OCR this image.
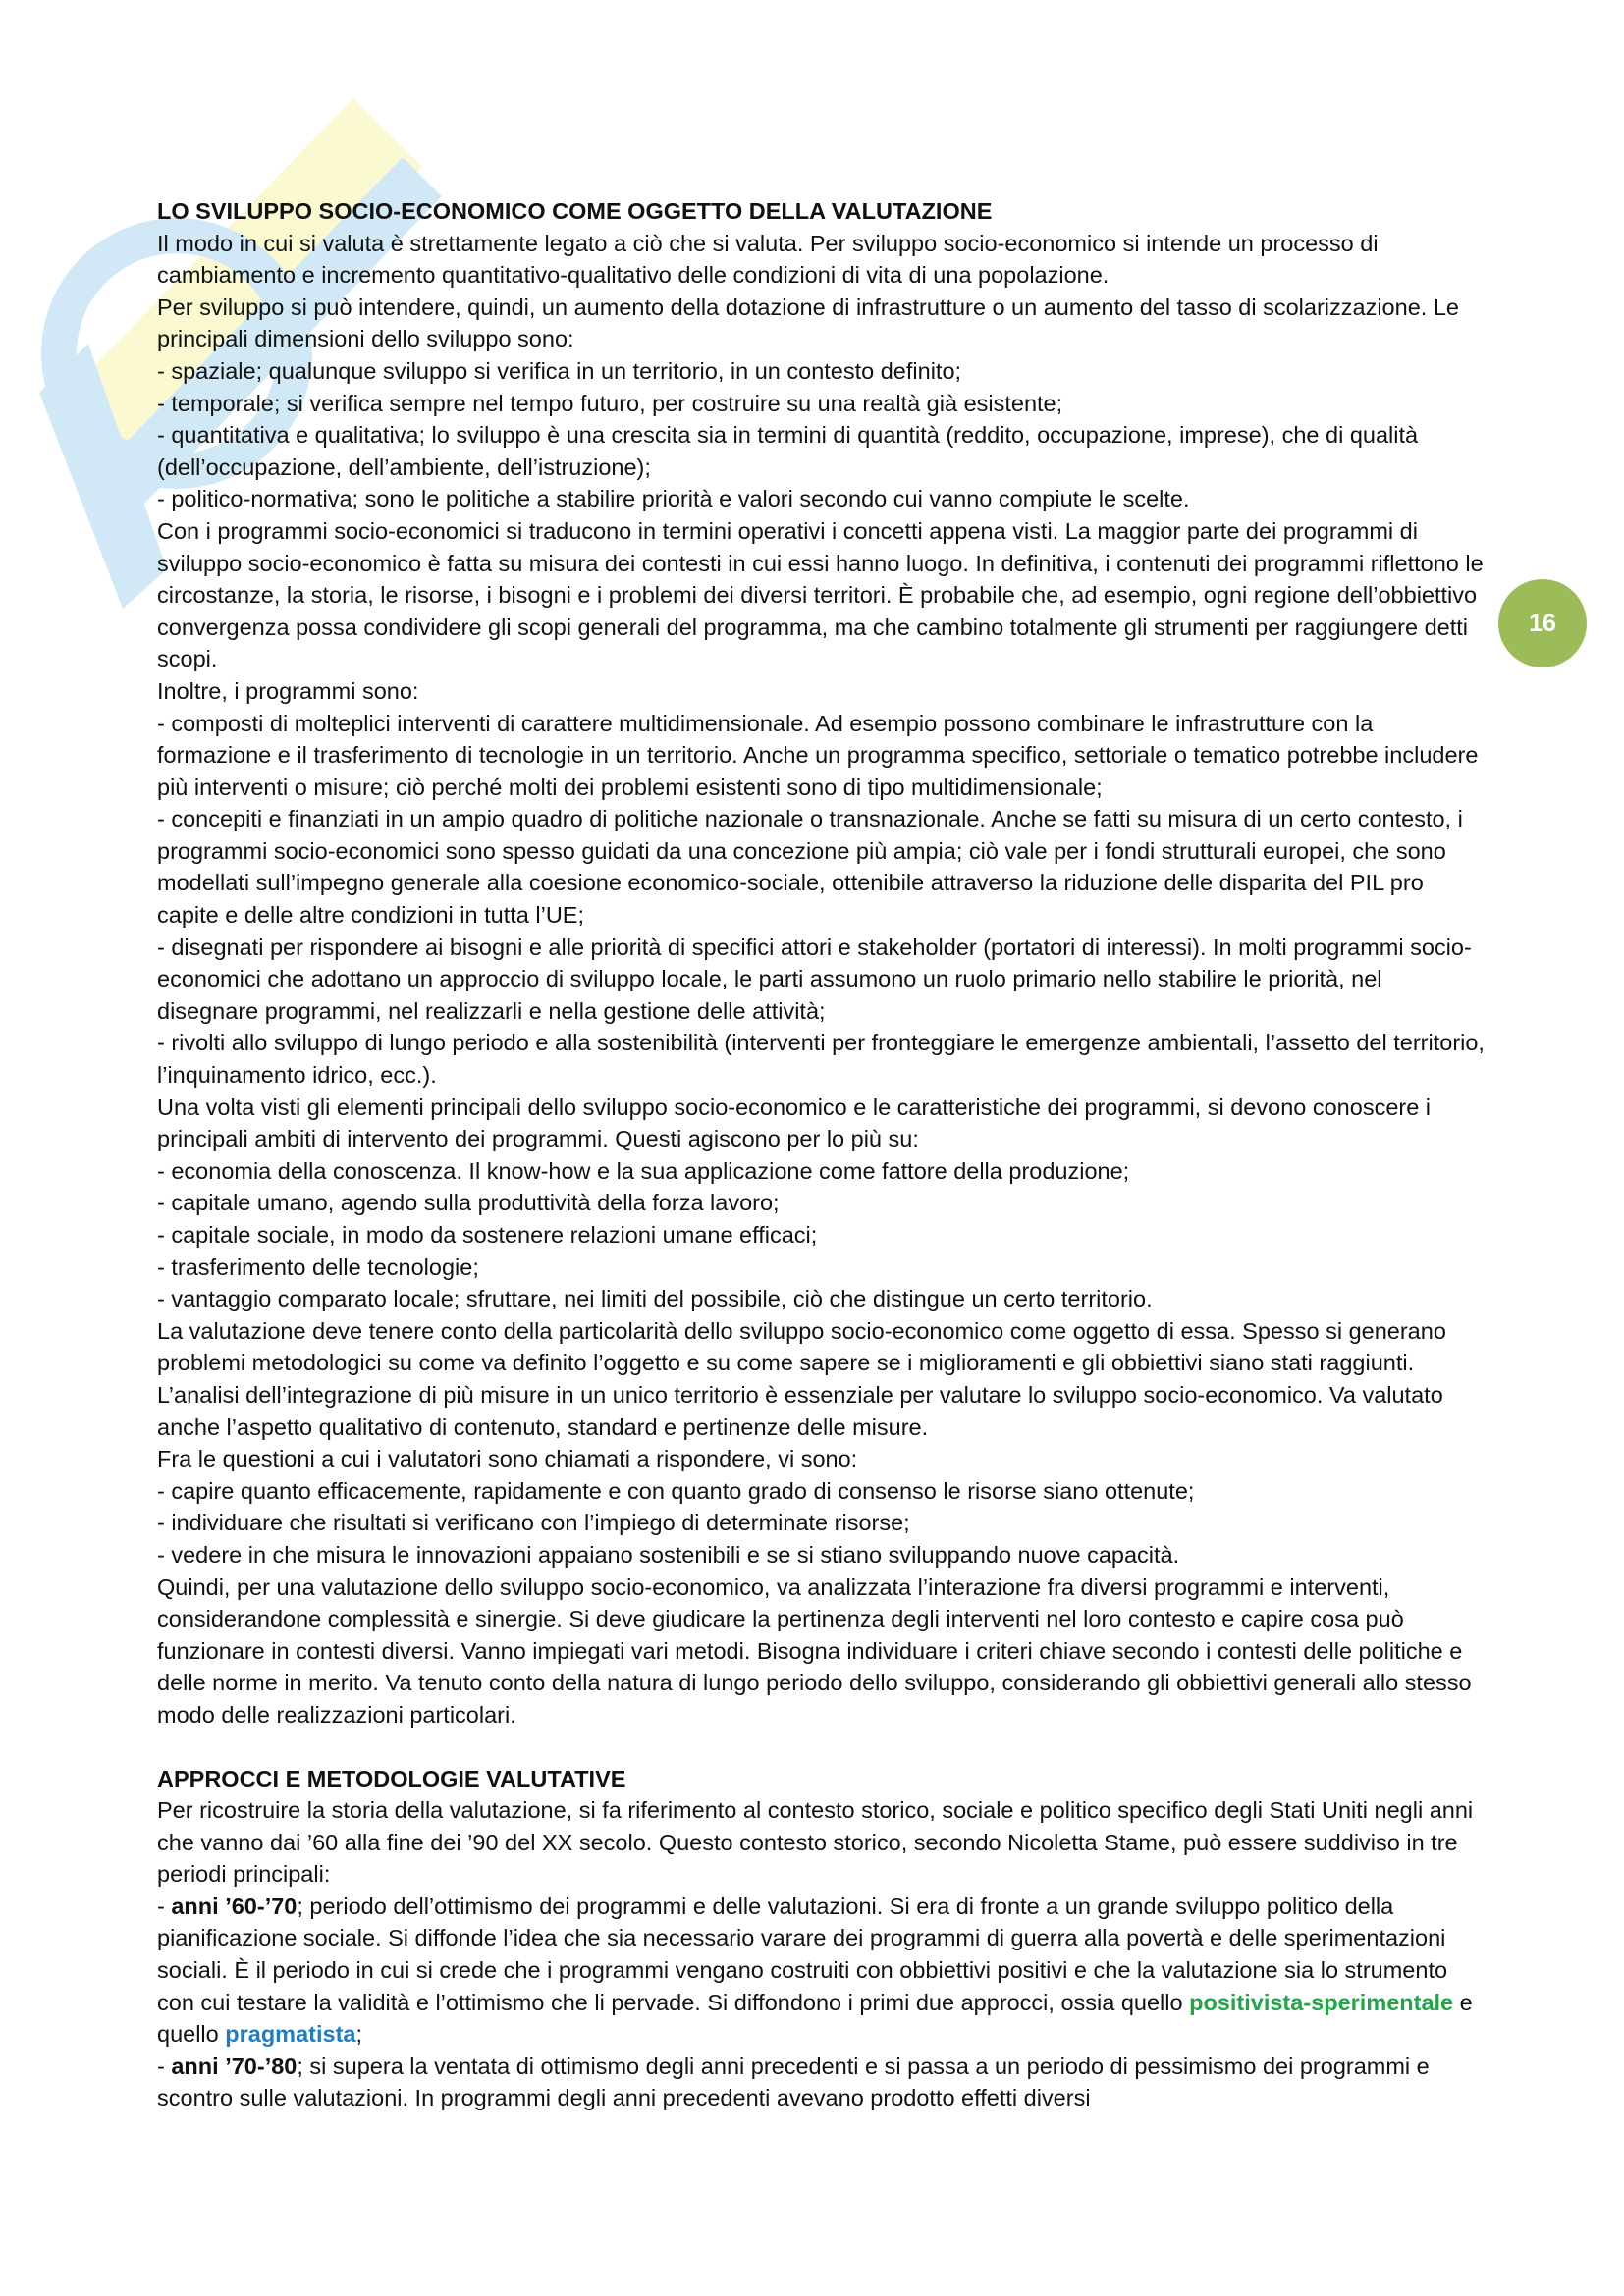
16

LO SVILUPPO SOCIO-ECONOMICO COME OGGETTO DELLA VALUTAZIONE

Il modo in cui si valuta è strettamente legato a ciò che si valuta. Per sviluppo socio-economico si intende un processo di cambiamento e incremento quantitativo-qualitativo delle condizioni di vita di una popolazione.

Per sviluppo si può intendere, quindi, un aumento della dotazione di infrastrutture o un aumento del tasso di scolarizzazione. Le principali dimensioni dello sviluppo sono:

- spaziale; qualunque sviluppo si verifica in un territorio, in un contesto definito;

- temporale; si verifica sempre nel tempo futuro, per costruire su una realtà già esistente;

- quantitativa e qualitativa; lo sviluppo è una crescita sia in termini di quantità (reddito, occupazione, imprese), che di qualità (dell’occupazione, dell’ambiente, dell’istruzione);

- politico-normativa; sono le politiche a stabilire priorità e valori secondo cui vanno compiute le scelte.

Con i programmi socio-economici si traducono in termini operativi i concetti appena visti. La maggior parte dei programmi di sviluppo socio-economico è fatta su misura dei contesti in cui essi hanno luogo. In definitiva, i contenuti dei programmi riflettono le circostanze, la storia, le risorse, i bisogni e i problemi dei diversi territori. È probabile che, ad esempio, ogni regione dell’obbiettivo convergenza possa condividere gli scopi generali del programma, ma che cambino totalmente gli strumenti per raggiungere detti scopi.

Inoltre, i programmi sono:

- composti di molteplici interventi di carattere multidimensionale. Ad esempio possono combinare le infrastrutture con la formazione e il trasferimento di tecnologie in un territorio. Anche un programma specifico, settoriale o tematico potrebbe includere più interventi o misure; ciò perché molti dei problemi esistenti sono di tipo multidimensionale;

- concepiti e finanziati in un ampio quadro di politiche nazionale o transnazionale. Anche se fatti su misura di un certo contesto, i programmi socio-economici sono spesso guidati da una concezione più ampia; ciò vale per i fondi strutturali europei, che sono modellati sull’impegno generale alla coesione economico-sociale, ottenibile attraverso la riduzione delle disparita del PIL pro capite e delle altre condizioni in tutta l’UE;

- disegnati per rispondere ai bisogni e alle priorità di specifici attori e stakeholder (portatori di interessi). In molti programmi socio-economici che adottano un approccio di sviluppo locale, le parti assumono un ruolo primario nello stabilire le priorità, nel disegnare programmi, nel realizzarli e nella gestione delle attività;

- rivolti allo sviluppo di lungo periodo e alla sostenibilità (interventi per fronteggiare le emergenze ambientali, l’assetto del territorio, l’inquinamento idrico, ecc.).

Una volta visti gli elementi principali dello sviluppo socio-economico e le caratteristiche dei programmi, si devono conoscere i principali ambiti di intervento dei programmi. Questi agiscono per lo più su:

- economia della conoscenza. Il know-how e la sua applicazione come fattore della produzione;

- capitale umano, agendo sulla produttività della forza lavoro;

- capitale sociale, in modo da sostenere relazioni umane efficaci;

- trasferimento delle tecnologie;

- vantaggio comparato locale; sfruttare, nei limiti del possibile, ciò che distingue un certo territorio.

La valutazione deve tenere conto della particolarità dello sviluppo socio-economico come oggetto di essa. Spesso si generano problemi metodologici su come va definito l’oggetto e su come sapere se i miglioramenti e gli obbiettivi siano stati raggiunti.

L’analisi dell’integrazione di più misure in un unico territorio è essenziale per valutare lo sviluppo socio-economico. Va valutato anche l’aspetto qualitativo di contenuto, standard e pertinenze delle misure.

Fra le questioni a cui i valutatori sono chiamati a rispondere, vi sono:

- capire quanto efficacemente, rapidamente e con quanto grado di consenso le risorse siano ottenute;

- individuare che risultati si verificano con l’impiego di determinate risorse;

- vedere in che misura le innovazioni appaiano sostenibili e se si stiano sviluppando nuove capacità.

Quindi, per una valutazione dello sviluppo socio-economico, va analizzata l’interazione fra diversi programmi e interventi, considerandone complessità e sinergie. Si deve giudicare la pertinenza degli interventi nel loro contesto e capire cosa può funzionare in contesti diversi. Vanno impiegati vari metodi. Bisogna individuare i criteri chiave secondo i contesti delle politiche e delle norme in merito. Va tenuto conto della natura di lungo periodo dello sviluppo, considerando gli obbiettivi generali allo stesso modo delle realizzazioni particolari.

APPROCCI E METODOLOGIE VALUTATIVE

Per ricostruire la storia della valutazione, si fa riferimento al contesto storico, sociale e politico specifico degli Stati Uniti negli anni che vanno dai ’60 alla fine dei ’90 del XX secolo. Questo contesto storico, secondo Nicoletta Stame, può essere suddiviso in tre periodi principali:

- anni ’60-’70; periodo dell’ottimismo dei programmi e delle valutazioni. Si era di fronte a un grande sviluppo politico della pianificazione sociale. Si diffonde l’idea che sia necessario varare dei programmi di guerra alla povertà e delle sperimentazioni sociali. È il periodo in cui si crede che i programmi vengano costruiti con obbiettivi positivi e che la valutazione sia lo strumento con cui testare la validità e l’ottimismo che li pervade. Si diffondono i primi due approcci, ossia quello positivista-sperimentale e quello pragmatista;

- anni ’70-’80; si supera la ventata di ottimismo degli anni precedenti e si passa a un periodo di pessimismo dei programmi e scontro sulle valutazioni. In programmi degli anni precedenti avevano prodotto effetti diversi
